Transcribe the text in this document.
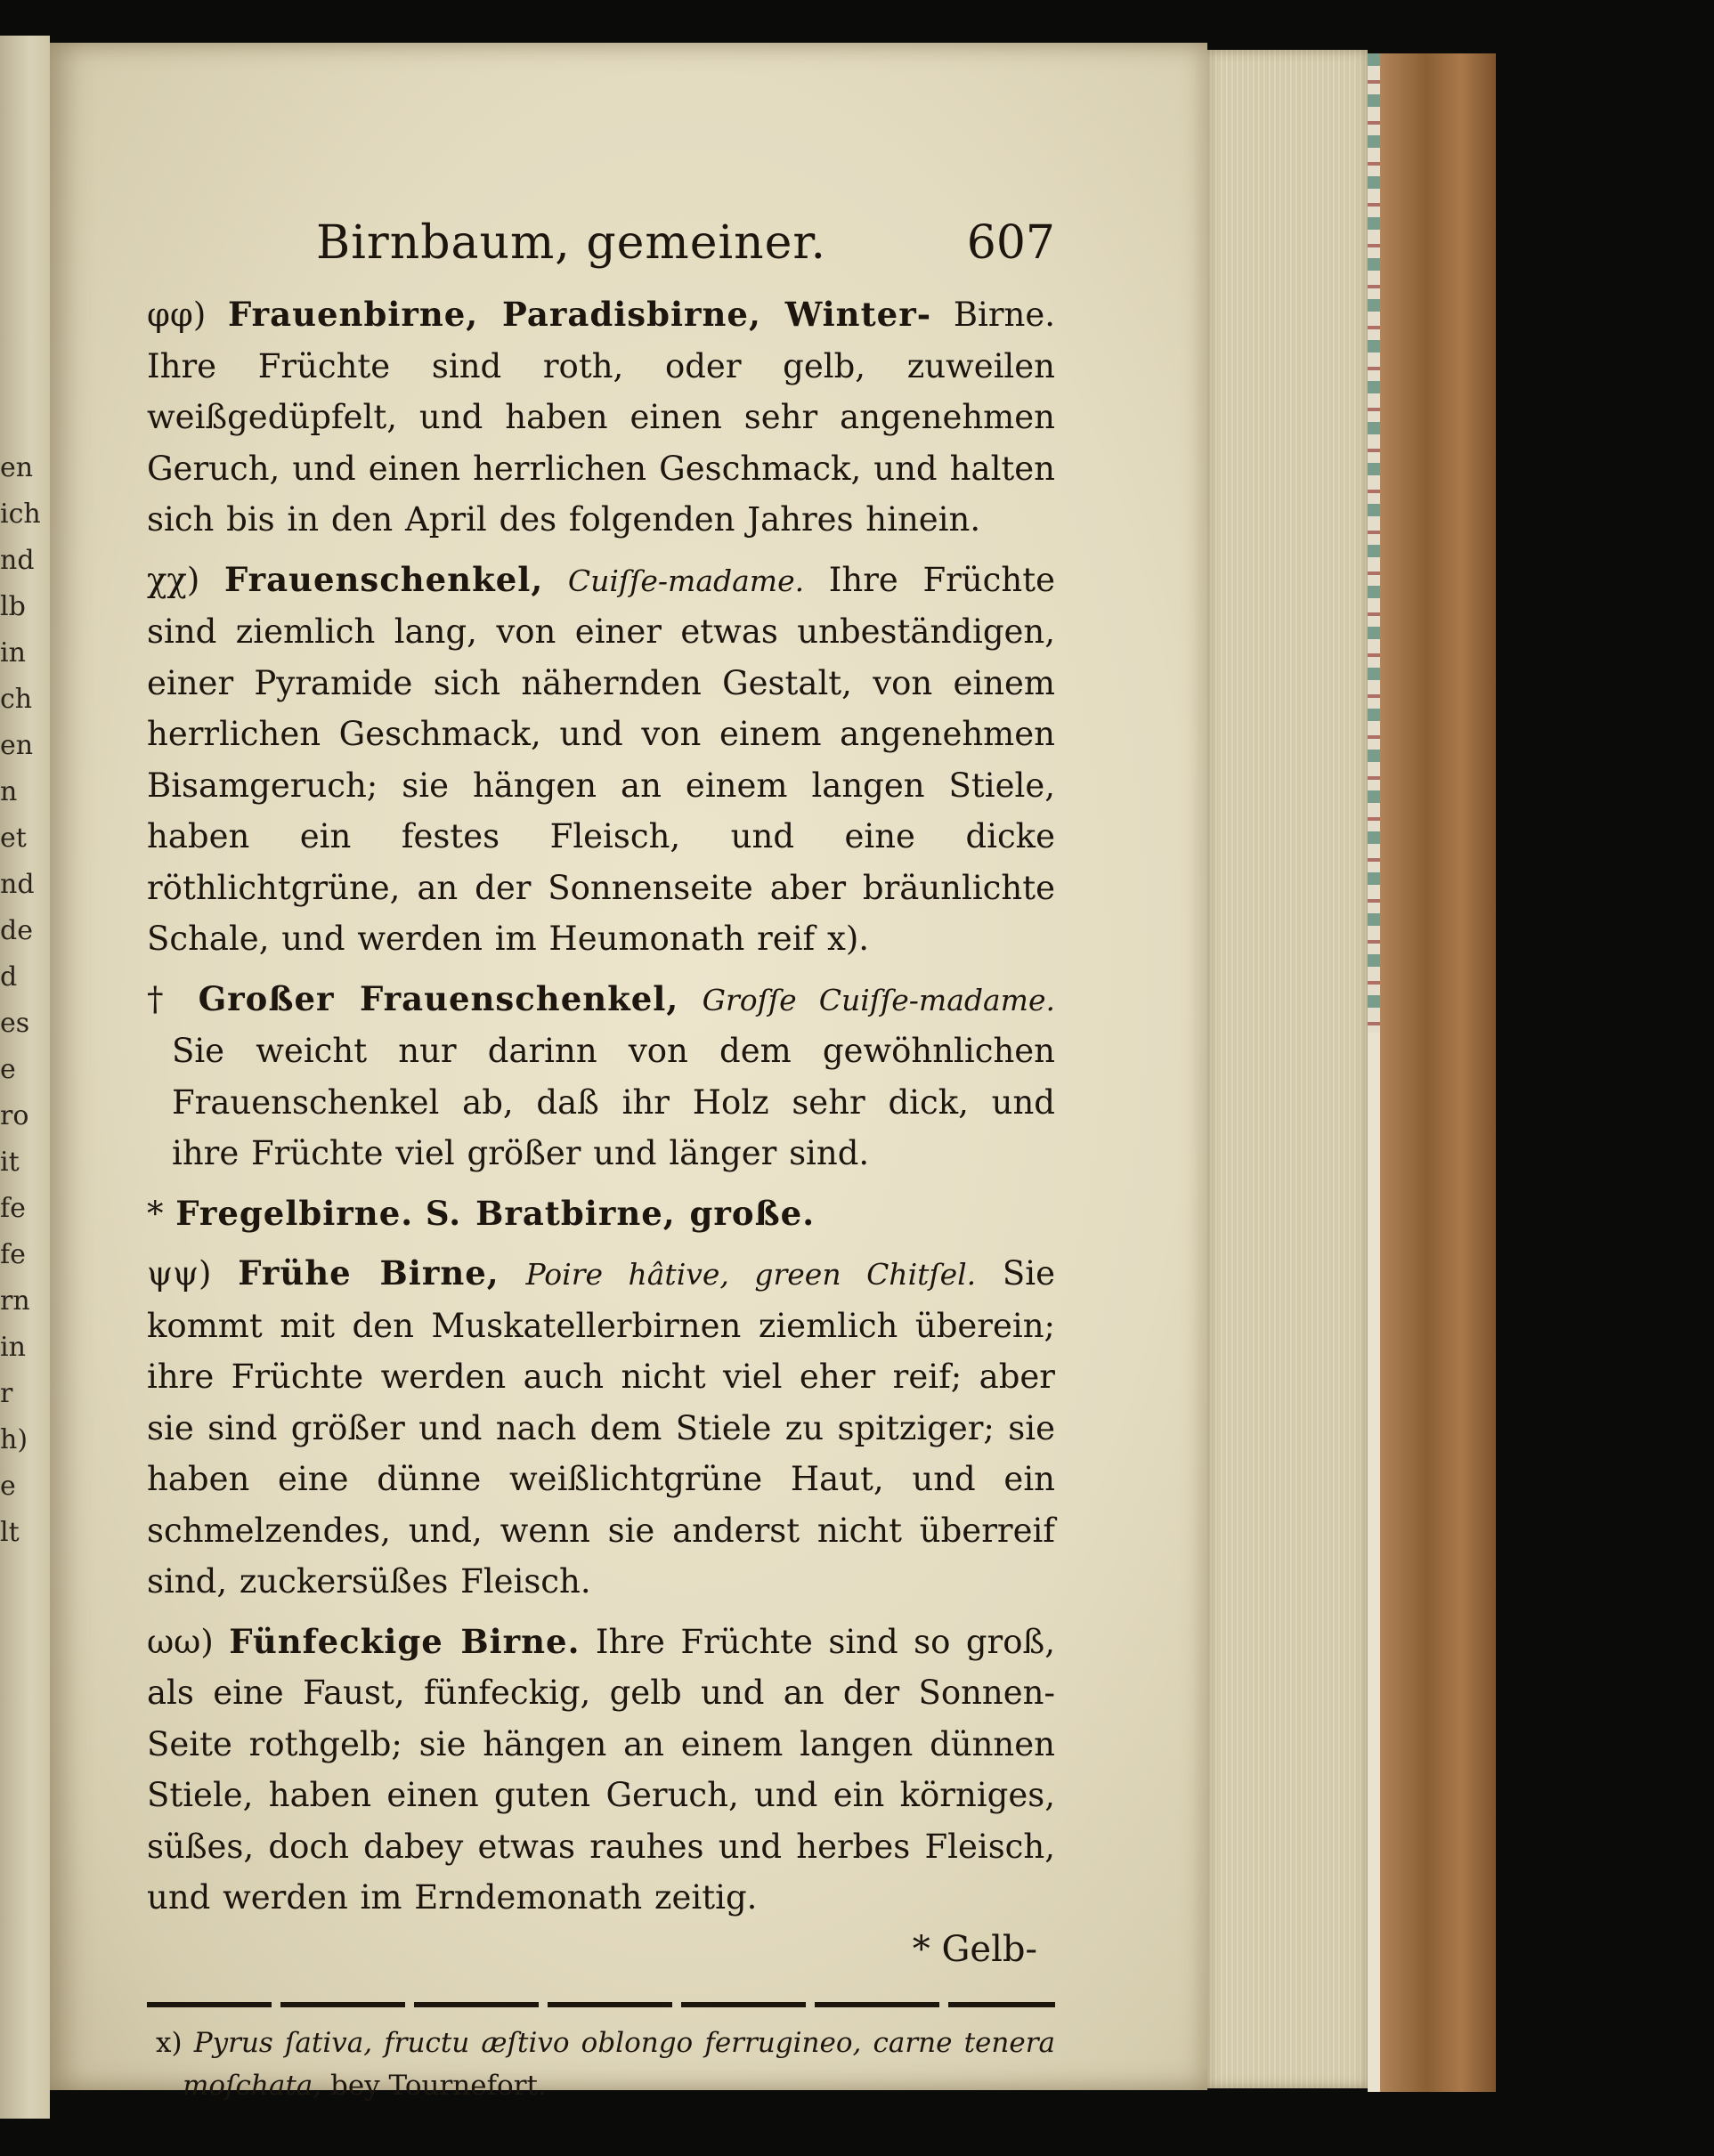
en
ich
nd
lb
in
ch
en
n
et
nd
de
d
es
e
ro
it
fe
fe
rn
in
r
h)
e
lt
Birnbaum, gemeiner.	607
φφ) Frauenbirne, Paradisbirne, Winter- Birne. Ihre Früchte sind roth, oder gelb, zuweilen weißgedüpfelt, und haben einen sehr angenehmen Geruch, und einen herrlichen Geschmack, und halten sich bis in den April des folgenden Jahres hinein.
χχ) Frauenschenkel, Cuiſſe-madame. Ihre Früchte sind ziemlich lang, von einer etwas unbeständigen, einer Pyramide sich nähernden Gestalt, von einem herrlichen Geschmack, und von einem angenehmen Bisamgeruch; sie hängen an einem langen Stiele, haben ein festes Fleisch, und eine dicke röthlichtgrüne, an der Sonnenseite aber bräunlichte Schale, und werden im Heumonath reif x).
† Großer Frauenschenkel, Groſſe Cuiſſe-madame. Sie weicht nur darinn von dem gewöhnlichen Frauenschenkel ab, daß ihr Holz sehr dick, und ihre Früchte viel größer und länger sind.
* Fregelbirne. S. Bratbirne, große.
ψψ) Frühe Birne, Poire hâtive, green Chitſel. Sie kommt mit den Muskatellerbirnen ziemlich überein; ihre Früchte werden auch nicht viel eher reif; aber sie sind größer und nach dem Stiele zu spitziger; sie haben eine dünne weißlichtgrüne Haut, und ein schmelzendes, und, wenn sie anderst nicht überreif sind, zuckersüßes Fleisch.
ωω) Fünfeckige Birne. Ihre Früchte sind so groß, als eine Faust, fünfeckig, gelb und an der Sonnen-Seite rothgelb; sie hängen an einem langen dünnen Stiele, haben einen guten Geruch, und ein körniges, süßes, doch dabey etwas rauhes und herbes Fleisch, und werden im Erndemonath zeitig.
* Gelb-
x) Pyrus ſativa, fructu æſtivo oblongo ferrugineo, carne tenera moſchata, bey Tournefort.
